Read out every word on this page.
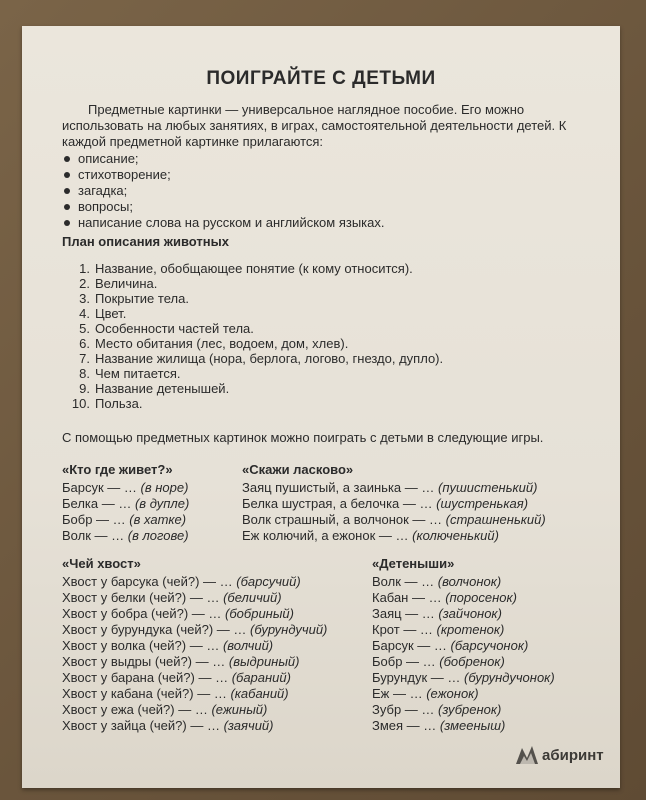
ПОИГРАЙТЕ С ДЕТЬМИ
Предметные картинки — универсальное наглядное пособие. Его можно использовать на любых занятиях, в играх, самостоятельной деятельности детей. К каждой предметной картинке прилагаются:
описание;
стихотворение;
загадка;
вопросы;
написание слова на русском и английском языках.
План описания животных
1. Название, обобщающее понятие (к кому относится).
2. Величина.
3. Покрытие тела.
4. Цвет.
5. Особенности частей тела.
6. Место обитания (лес, водоем, дом, хлев).
7. Название жилища (нора, берлога, логово, гнездо, дупло).
8. Чем питается.
9. Название детенышей.
10. Польза.

С помощью предметных картинок можно поиграть с детьми в следующие игры.

«Кто где живет?»
Барсук — … (в норе)
Белка — … (в дупле)
Бобр — … (в хатке)
Волк — … (в логове)
«Скажи ласково»
Заяц пушистый, а заинька — … (пушистенький)
Белка шустрая, а белочка — … (шустренькая)
Волк страшный, а волчонок — … (страшненький)
Еж колючий, а ежонок — … (колюченький)
«Чей хвост»
Хвост у барсука (чей?) — … (барсучий)
Хвост у белки (чей?) — … (беличий)
Хвост у бобра (чей?) — … (бобриный)
Хвост у бурундука (чей?) — … (бурундучий)
Хвост у волка (чей?) — … (волчий)
Хвост у выдры (чей?) — … (выдриный)
Хвост у барана (чей?) — … (бараний)
Хвост у кабана (чей?) — … (кабаний)
Хвост у ежа (чей?) — … (ежиный)
Хвост у зайца (чей?) — … (заячий)
«Детеныши»
Волк — … (волчонок)
Кабан — … (поросенок)
Заяц — … (зайчонок)
Крот — … (кротенок)
Барсук — … (барсучонок)
Бобр — … (бобренок)
Бурундук — … (бурундучонок)
Еж — … (ежонок)
Зубр — … (зубренок)
Змея — … (змееныш)
абиринт
